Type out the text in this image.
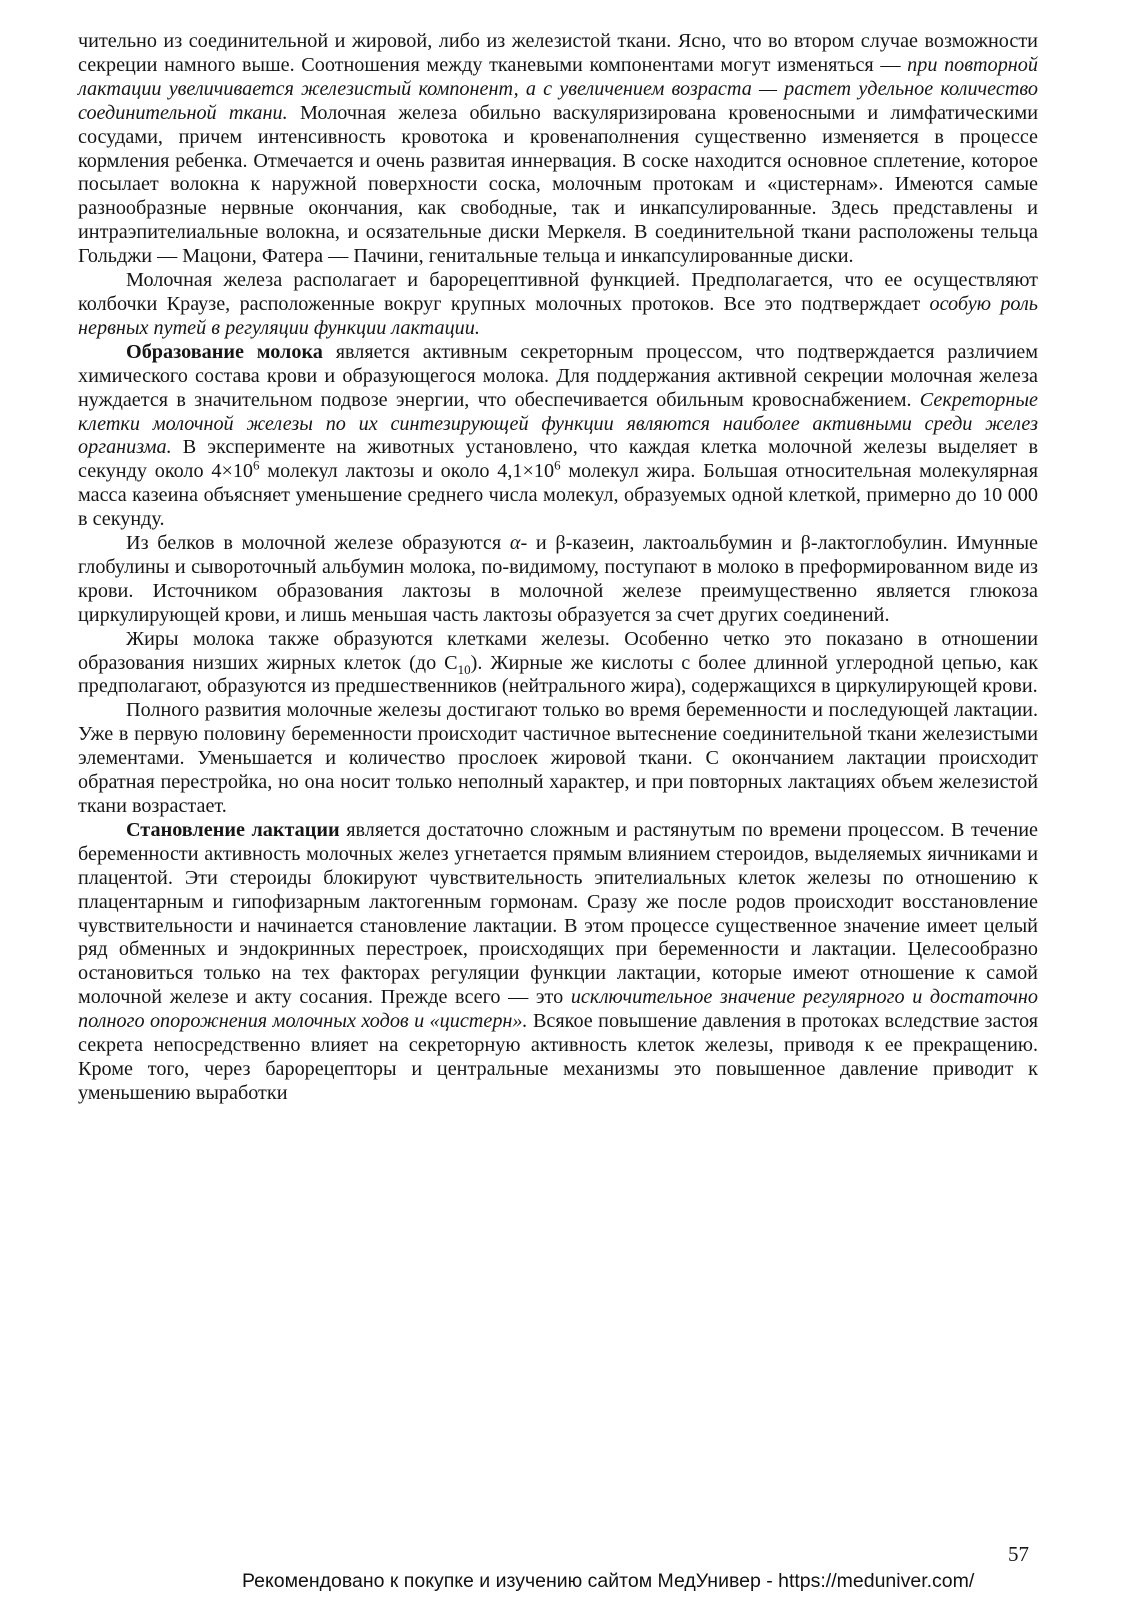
чительно из соединительной и жировой, либо из железистой ткани. Ясно, что во втором случае возможности секреции намного выше. Соотношения между тканевыми компонентами могут изменяться — при повторной лактации увеличивается железистый компонент, а с увеличением возраста — растет удельное количество соединительной ткани. Молочная железа обильно васкуляризирована кровеносными и лимфатическими сосудами, причем интенсивность кровотока и кровенаполнения существенно изменяется в процессе кормления ребенка. Отмечается и очень развитая иннервация. В соске находится основное сплетение, которое посылает волокна к наружной поверхности соска, молочным протокам и «цистернам». Имеются самые разнообразные нервные окончания, как свободные, так и инкапсулированные. Здесь представлены и интраэпителиальные волокна, и осязательные диски Меркеля. В соединительной ткани расположены тельца Гольджи — Мацони, Фатера — Пачини, генитальные тельца и инкапсулированные диски.

Молочная железа располагает и барорецептивной функцией. Предполагается, что ее осуществляют колбочки Краузе, расположенные вокруг крупных молочных протоков. Все это подтверждает особую роль нервных путей в регуляции функции лактации.

Образование молока является активным секреторным процессом, что подтверждается различием химического состава крови и образующегося молока. Для поддержания активной секреции молочная железа нуждается в значительном подвозе энергии, что обеспечивается обильным кровоснабжением. Секреторные клетки молочной железы по их синтезирующей функции являются наиболее активными среди желез организма. В эксперименте на животных установлено, что каждая клетка молочной железы выделяет в секунду около $4\times 10^6$ молекул лактозы и около $4,1\times 10^6$ молекул жира. Большая относительная молекулярная масса казеина объясняет уменьшение среднего числа молекул, образуемых одной клеткой, примерно до 10 000 в секунду.

Из белков в молочной железе образуются α- и β-казеин, лактоальбумин и β-лактоглобулин. Имунные глобулины и сывороточный альбумин молока, по-видимому, поступают в молоко в преформированном виде из крови. Источником образования лактозы в молочной железе преимущественно является глюкоза циркулирующей крови, и лишь меньшая часть лактозы образуется за счет других соединений.

Жиры молока также образуются клетками железы. Особенно четко это показано в отношении образования низших жирных клеток (до $C_{10}$). Жирные же кислоты с более длинной углеродной цепью, как предполагают, образуются из предшественников (нейтрального жира), содержащихся в циркулирующей крови.

Полного развития молочные железы достигают только во время беременности и последующей лактации. Уже в первую половину беременности происходит частичное вытеснение соединительной ткани железистыми элементами. Уменьшается и количество прослоек жировой ткани. С окончанием лактации происходит обратная перестройка, но она носит только неполный характер, и при повторных лактациях объем железистой ткани возрастает.

Становление лактации является достаточно сложным и растянутым по времени процессом. В течение беременности активность молочных желез угнетается прямым влиянием стероидов, выделяемых яичниками и плацентой. Эти стероиды блокируют чувствительность эпителиальных клеток железы по отношению к плацентарным и гипофизарным лактогенным гормонам. Сразу же после родов происходит восстановление чувствительности и начинается становление лактации. В этом процессе существенное значение имеет целый ряд обменных и эндокринных перестроек, происходящих при беременности и лактации. Целесообразно остановиться только на тех факторах регуляции функции лактации, которые имеют отношение к самой молочной железе и акту сосания. Прежде всего — это исключительное значение регулярного и достаточно полного опорожнения молочных ходов и «цистерн». Всякое повышение давления в протоках вследствие застоя секрета непосредственно влияет на секреторную активность клеток железы, приводя к ее прекращению. Кроме того, через барорецепторы и центральные механизмы это повышенное давление приводит к уменьшению выработки

57
Рекомендовано к покупке и изучению сайтом МедУнивер - https://meduniver.com/
